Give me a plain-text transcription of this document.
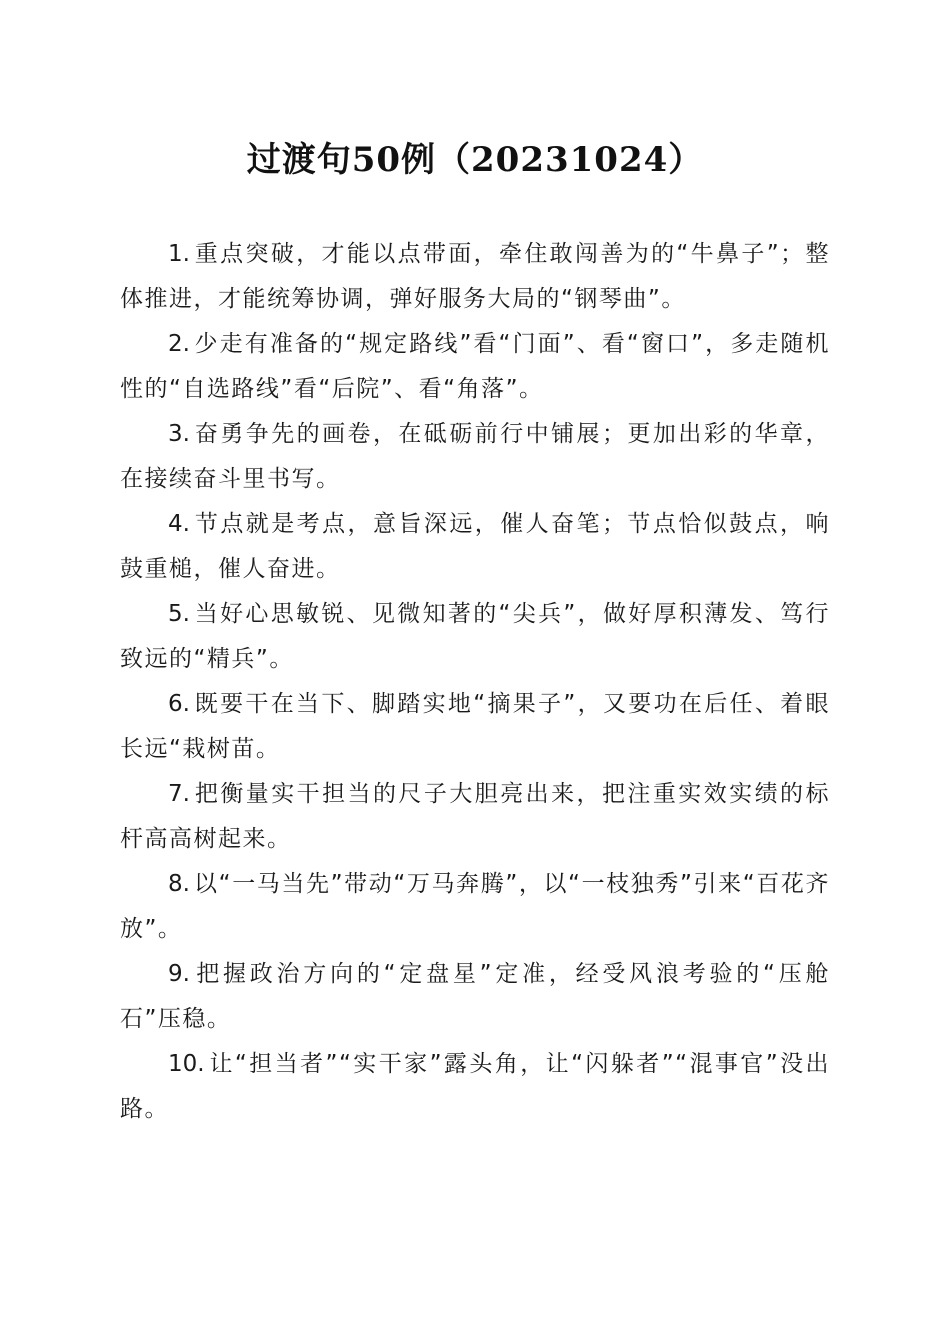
过渡句50例（20231024）

1. 重点突破，才能以点带面，牵住敢闯善为的“牛鼻子”；整体推进，才能统筹协调，弹好服务大局的“钢琴曲”。

2. 少走有准备的“规定路线”看“门面”、看“窗口”，多走随机性的“自选路线”看“后院”、看“角落”。

3. 奋勇争先的画卷，在砥砺前行中铺展；更加出彩的华章，在接续奋斗里书写。

4. 节点就是考点，意旨深远，催人奋笔；节点恰似鼓点，响鼓重槌，催人奋进。

5. 当好心思敏锐、见微知著的“尖兵”，做好厚积薄发、笃行致远的“精兵”。

6. 既要干在当下、脚踏实地“摘果子”，又要功在后任、着眼长远“栽树苗。

7. 把衡量实干担当的尺子大胆亮出来，把注重实效实绩的标杆高高树起来。

8. 以“一马当先”带动“万马奔腾”，以“一枝独秀”引来“百花齐放”。

9. 把握政治方向的“定盘星”定准，经受风浪考验的“压舱石”压稳。

10. 让“担当者”“实干家”露头角，让“闪躲者”“混事官”没出路。
